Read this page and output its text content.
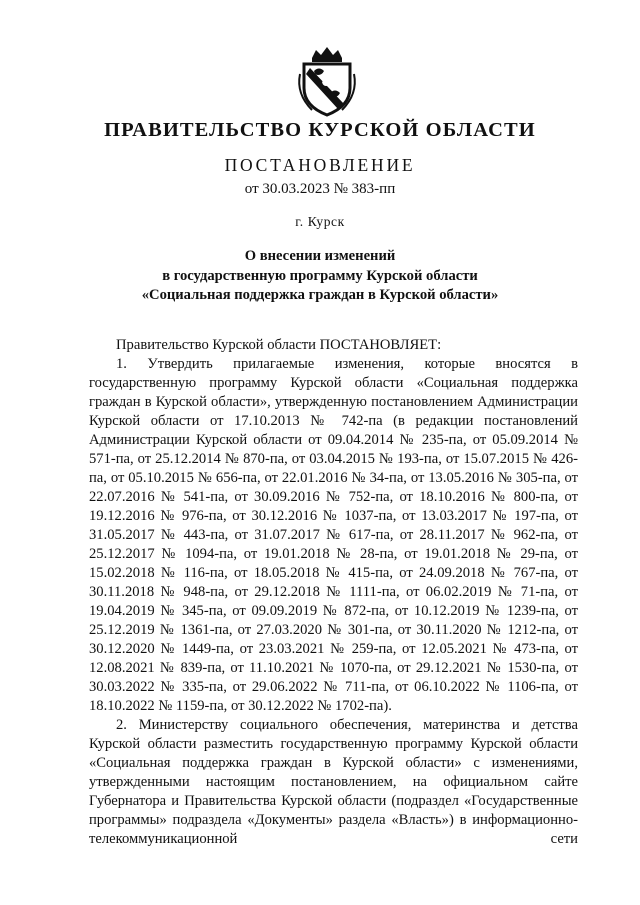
ПРАВИТЕЛЬСТВО КУРСКОЙ ОБЛАСТИ
ПОСТАНОВЛЕНИЕ
от 30.03.2023 № 383-пп
г. Курск
О внесении изменений
в государственную программу Курской области
«Социальная поддержка граждан в Курской области»

Правительство Курской области ПОСТАНОВЛЯЕТ:

1. Утвердить прилагаемые изменения, которые вносятся в государственную программу Курской области «Социальная поддержка граждан в Курской области», утвержденную постановлением Администрации Курской области от 17.10.2013 № 742-па (в редакции постановлений Администрации Курской области от 09.04.2014 № 235-па, от 05.09.2014 № 571-па, от 25.12.2014 № 870-па, от 03.04.2015 № 193-па, от 15.07.2015 № 426-па, от 05.10.2015 № 656-па, от 22.01.2016 № 34-па, от 13.05.2016 № 305-па, от 22.07.2016 № 541-па, от 30.09.2016 № 752-па, от 18.10.2016 № 800-па, от 19.12.2016 № 976-па, от 30.12.2016 № 1037-па, от 13.03.2017 № 197-па, от 31.05.2017 № 443-па, от 31.07.2017 № 617-па, от 28.11.2017 № 962-па, от 25.12.2017 № 1094-па, от 19.01.2018 № 28-па, от 19.01.2018 № 29-па, от 15.02.2018 № 116-па, от 18.05.2018 № 415-па, от 24.09.2018 № 767-па, от 30.11.2018 № 948-па, от 29.12.2018 № 1111-па, от 06.02.2019 № 71-па, от 19.04.2019 № 345-па, от 09.09.2019 № 872-па, от 10.12.2019 № 1239-па, от 25.12.2019 № 1361-па, от 27.03.2020 № 301-па, от 30.11.2020 № 1212-па, от 30.12.2020 № 1449-па, от 23.03.2021 № 259-па, от 12.05.2021 № 473-па, от 12.08.2021 № 839-па, от 11.10.2021 № 1070-па, от 29.12.2021 № 1530-па, от 30.03.2022 № 335-па, от 29.06.2022 № 711-па, от 06.10.2022 № 1106-па, от 18.10.2022 № 1159-па, от 30.12.2022 № 1702-па).

2. Министерству социального обеспечения, материнства и детства Курской области разместить государственную программу Курской области «Социальная поддержка граждан в Курской области» с изменениями, утвержденными настоящим постановлением, на официальном сайте Губернатора и Правительства Курской области (подраздел «Государственные программы» подраздела «Документы» раздела «Власть») в информационно-телекоммуникационной сети
